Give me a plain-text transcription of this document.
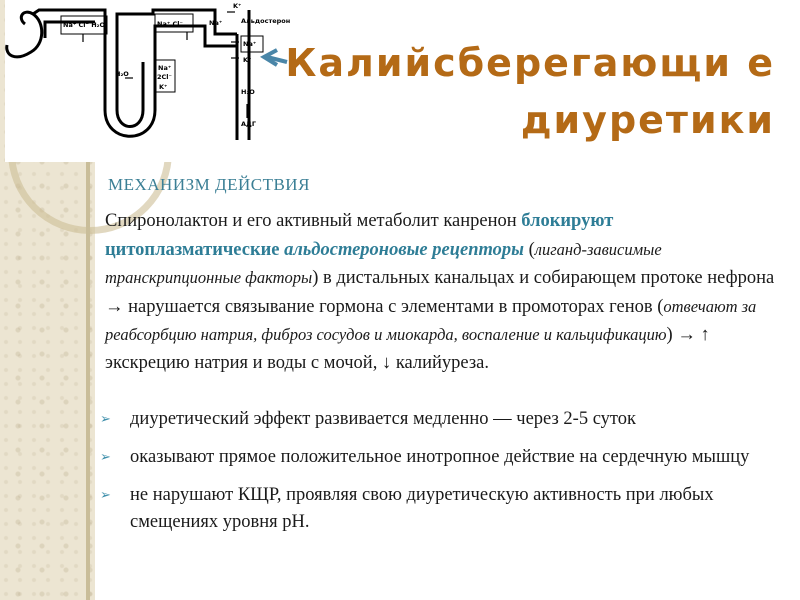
Na⁺ Cl⁻ H₂O	Na⁺ Cl⁻	Na⁺
K⁺
Альдостерон
Na⁺
K⁺
H₂O
Na⁺
2Cl⁻
K⁺
H₂O
АДГ
Калийсберегающи е диуретики
МЕХАНИЗМ ДЕЙСТВИЯ
Спиронолактон и его активный метаболит канренон блокируют цитоплазматические альдостероновые рецепторы (лиганд-зависимые транскрипционные факторы) в дистальных канальцах и собирающем протоке нефрона → нарушается связывание гормона с элементами в промоторах генов (отвечают за реабсорбцию натрия, фиброз сосудов и миокарда, воспаление и кальцификацию) → ↑ экскрецию натрия и воды с мочой, ↓ калийуреза.
➢ диуретический эффект развивается медленно — через 2-5 суток
➢ оказывают прямое положительное инотропное действие на сердечную мышцу
➢ не нарушают КЩР, проявляя свою диуретическую активность при любых смещениях уровня pH.
